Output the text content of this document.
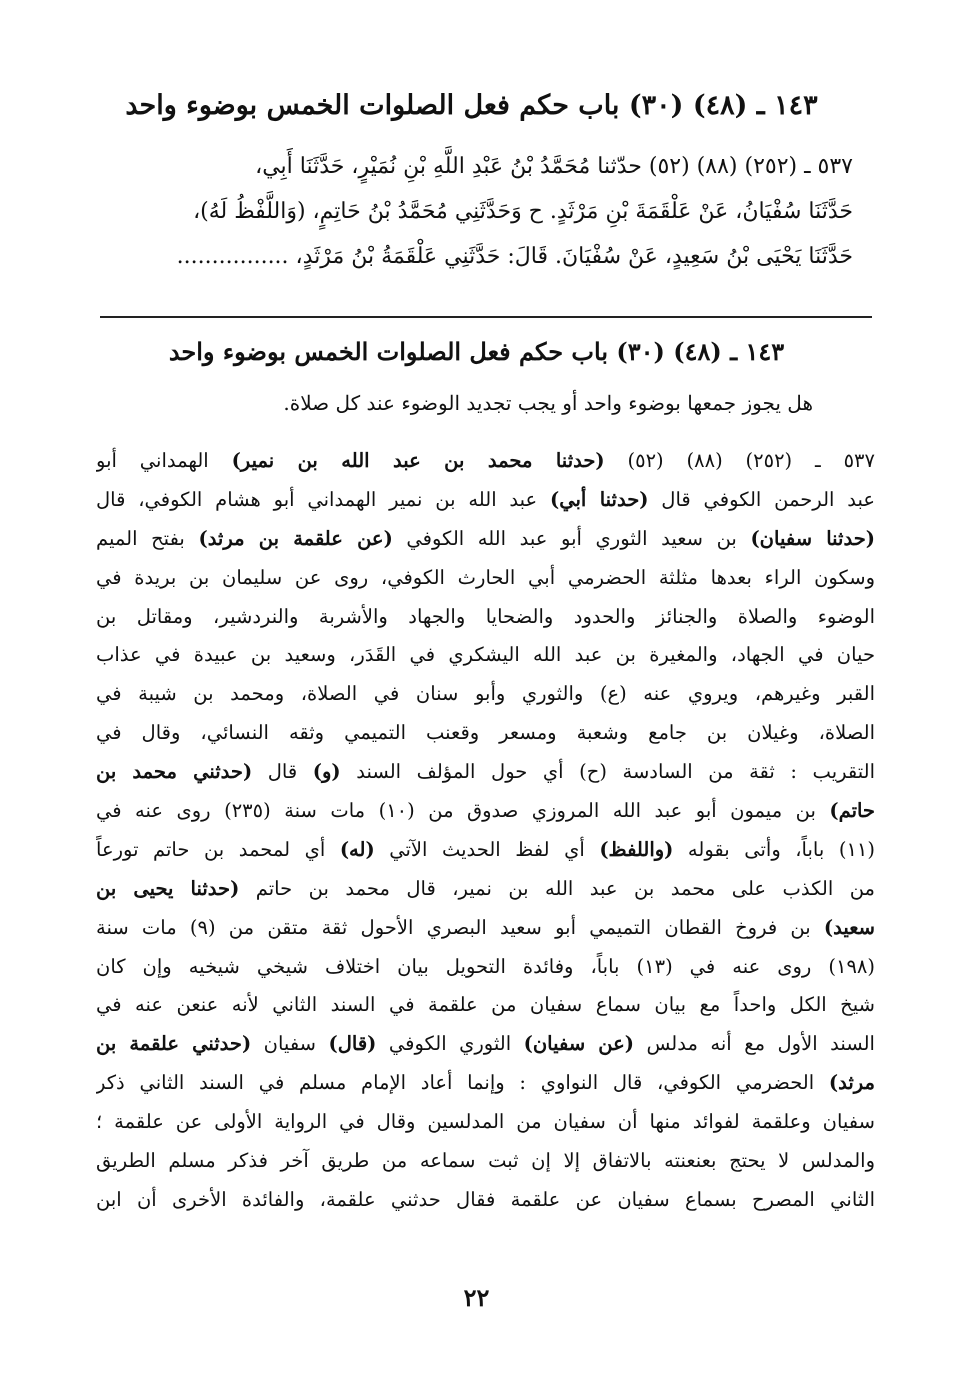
١٤٣ ـ (٤٨) (٣٠) باب حكم فعل الصلوات الخمس بوضوء واحد

٥٣٧ ـ (٢٥٢) (٨٨) (٥٢) حدّثنا مُحَمَّدُ بْنُ عَبْدِ اللَّهِ بْنِ نُمَيْرٍ، حَدَّثَنَا أَبِي،

حَدَّثَنَا سُفْيَانُ، عَنْ عَلْقَمَةَ بْنِ مَرْثَدٍ. ح وَحَدَّثَنِي مُحَمَّدُ بْنُ حَاتِمٍ، (وَاللَّفْظُ لَهُ)،

حَدَّثَنَا يَحْيَى بْنُ سَعِيدٍ، عَنْ سُفْيَانَ. قَالَ: حَدَّثَنِي عَلْقَمَةُ بْنُ مَرْثَدٍ، ................

١٤٣ ـ (٤٨) (٣٠) باب حكم فعل الصلوات الخمس بوضوء واحد
هل يجوز جمعها بوضوء واحد أو يجب تجديد الوضوء عند كل صلاة.
٥٣٧ ـ (٢٥٢) (٨٨) (٥٢) (حدثنا محمد بن عبد الله بن نمير) الهمداني أبو
عبد الرحمن الكوفي قال (حدثنا أبي) عبد الله بن نمير الهمداني أبو هشام الكوفي، قال
(حدثنا سفيان) بن سعيد الثوري أبو عبد الله الكوفي (عن علقمة بن مرثد) بفتح الميم
وسكون الراء بعدها مثلثة الحضرمي أبي الحارث الكوفي، روى عن سليمان بن بريدة في
الوضوء والصلاة والجنائز والحدود والضحايا والجهاد والأشربة والنردشير، ومقاتل بن
حيان في الجهاد، والمغيرة بن عبد الله اليشكري في القَدَر، وسعيد بن عبيدة في عذاب
القبر وغيرهم، ويروي عنه (ع) والثوري وأبو سنان في الصلاة، ومحمد بن شيبة في
الصلاة، وغيلان بن جامع وشعبة ومسعر وقعنب التميمي وثقه النسائي، وقال في
التقريب : ثقة من السادسة (ح) أي حول المؤلف السند (و) قال (حدثني محمد بن
حاتم) بن ميمون أبو عبد الله المروزي صدوق من (١٠) مات سنة (٢٣٥) روى عنه في
(١١) باباً، وأتى بقوله (واللفظ) أي لفظ الحديث الآتي (له) أي لمحمد بن حاتم تورعاً
من الكذب على محمد بن عبد الله بن نمير، قال محمد بن حاتم (حدثنا يحيى بن
سعيد) بن فروخ القطان التميمي أبو سعيد البصري الأحول ثقة متقن من (٩) مات سنة
(١٩٨) روى عنه في (١٣) باباً، وفائدة التحويل بيان اختلاف شيخي شيخيه وإن كان
شيخ الكل واحداً مع بيان سماع سفيان من علقمة في السند الثاني لأنه عنعن عنه في
السند الأول مع أنه مدلس (عن سفيان) الثوري الكوفي (قال) سفيان (حدثني علقمة بن
مرثد) الحضرمي الكوفي، قال النواوي : وإنما أعاد الإمام مسلم في السند الثاني ذكر
سفيان وعلقمة لفوائد منها أن سفيان من المدلسين وقال في الرواية الأولى عن علقمة ؛
والمدلس لا يحتج بعنعنته بالاتفاق إلا إن ثبت سماعه من طريق آخر فذكر مسلم الطريق
الثاني المصرح بسماع سفيان عن علقمة فقال حدثني علقمة، والفائدة الأخرى أن ابن
٢٢
